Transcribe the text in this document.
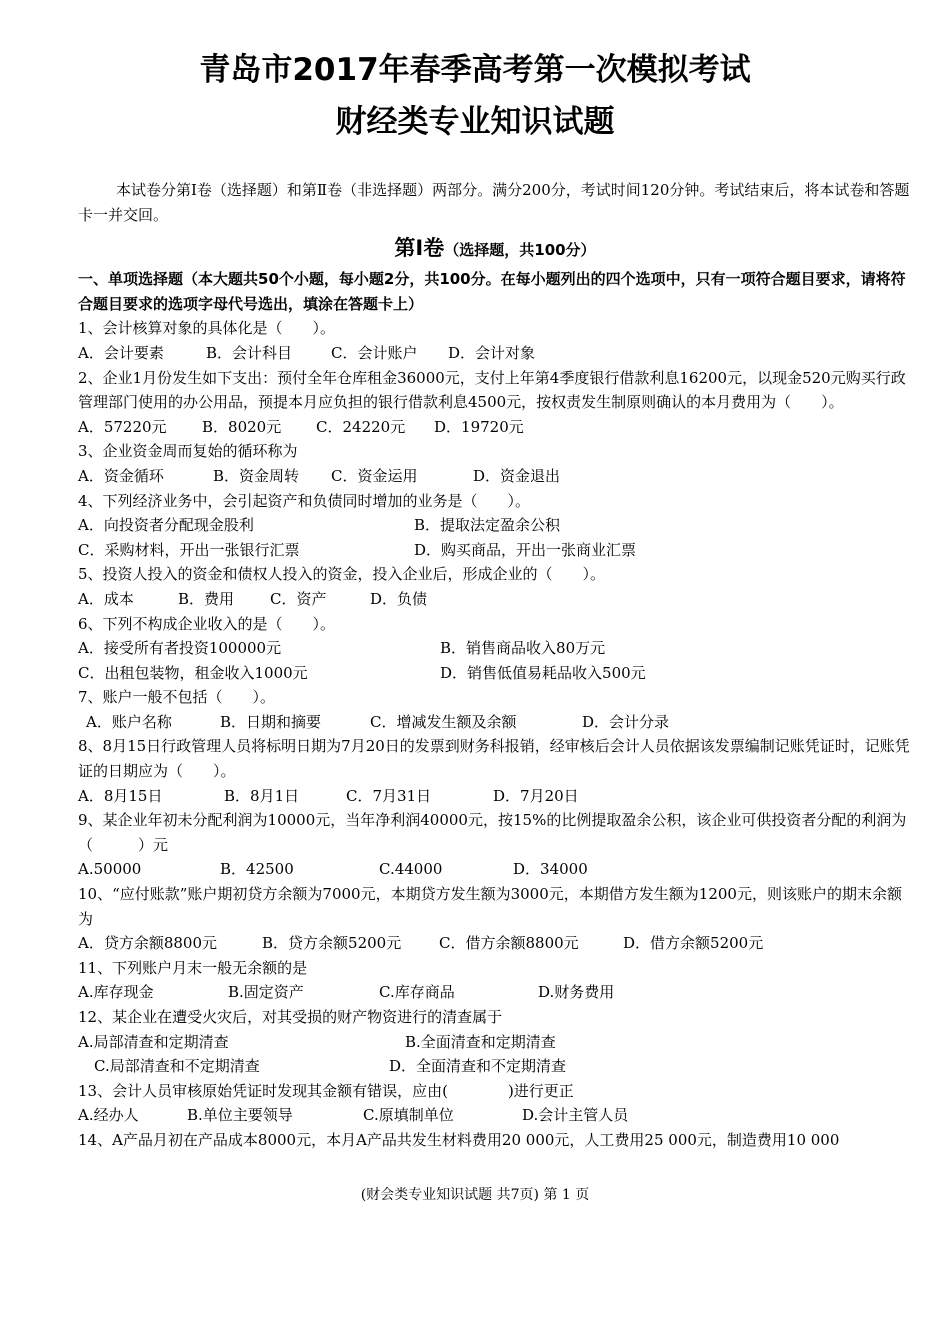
青岛市2017年春季高考第一次模拟考试
财经类专业知识试题

本试卷分第Ⅰ卷（选择题）和第Ⅱ卷（非选择题）两部分。满分200分，考试时间120分钟。考试结束后，将本试卷和答题卡一并交回。

第Ⅰ卷（选择题，共100分）

一、单项选择题（本大题共50个小题，每小题2分，共100分。在每小题列出的四个选项中，只有一项符合题目要求，请将符合题目要求的选项字母代号选出，填涂在答题卡上）

1、会计核算对象的具体化是（　　）。

A．会计要素	B．会计科目	C．会计账户	D．会计对象

2、企业1月份发生如下支出：预付全年仓库租金36000元，支付上年第4季度银行借款利息16200元，以现金520元购买行政管理部门使用的办公用品，预提本月应负担的银行借款利息4500元，按权责发生制原则确认的本月费用为（　　）。

A．57220元	B．8020元	C．24220元	D．19720元

3、企业资金周而复始的循环称为

A．资金循环	B．资金周转	C．资金运用	D．资金退出

4、下列经济业务中，会引起资产和负债同时增加的业务是（　　）。

A．向投资者分配现金股利	B．提取法定盈余公积
C．采购材料，开出一张银行汇票	D．购买商品，开出一张商业汇票

5、投资人投入的资金和债权人投入的资金，投入企业后，形成企业的（　　）。

A．成本	B．费用	C．资产	D．负债

6、下列不构成企业收入的是（　　）。

A．接受所有者投资100000元	B．销售商品收入80万元
C．出租包装物，租金收入1000元	D．销售低值易耗品收入500元

7、账户一般不包括（　　）。

A．账户名称	B．日期和摘要	C．增减发生额及余额	D．会计分录

8、8月15日行政管理人员将标明日期为7月20日的发票到财务科报销，经审核后会计人员依据该发票编制记账凭证时，记账凭证的日期应为（　　）。

A．8月15日	B．8月1日	C．7月31日	D．7月20日

9、某企业年初未分配利润为10000元，当年净利润40000元，按15%的比例提取盈余公积，该企业可供投资者分配的利润为（　　　）元

A.50000	B．42500	C.44000	D．34000

10、“应付账款”账户期初贷方余额为7000元，本期贷方发生额为3000元，本期借方发生额为1200元，则该账户的期末余额为

A．贷方余额8800元	B．贷方余额5200元	C．借方余额8800元	D．借方余额5200元

11、下列账户月末一般无余额的是

A.库存现金	B.固定资产	C.库存商品	D.财务费用

12、某企业在遭受火灾后，对其受损的财产物资进行的清查属于

A.局部清查和定期清查	B.全面清查和定期清查
C.局部清查和不定期清查	D．全面清查和不定期清查

13、会计人员审核原始凭证时发现其金额有错误，应由(　　　　)进行更正

A.经办人	B.单位主要领导	C.原填制单位	D.会计主管人员

14、A产品月初在产品成本8000元，本月A产品共发生材料费用20 000元，人工费用25 000元，制造费用10 000

(财会类专业知识试题 共7页) 第 1 页
